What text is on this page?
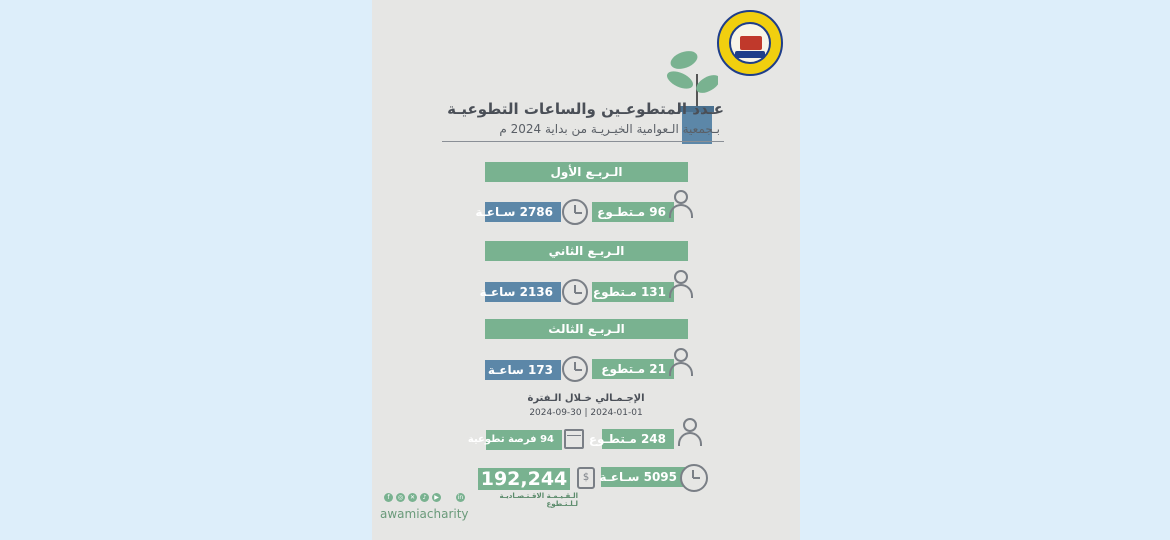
عـدد المتطوعـين والساعات التطوعيـة
بـجمعية الـعوامية الخيـريـة من بداية 2024 م
الـربـع الأول
2786 سـاعـة	96 مـتطـوع
الـربـع الثاني
2136 ساعـة	131 مـتطوع
الـربـع الثالث
173 ساعـة	21 مـتطوع
الإجـمـالي خـلال الـفترة
2024-09-30 | 2024-01-01
94 فرصة تطوعية	248 مـتطـوع
192,244	$
الـقـيـمـة الاقـتـصـاديـة لـلـتـطوع
5095 سـاعـة
f	◎	✕	♪	▶	in
awamiacharity
